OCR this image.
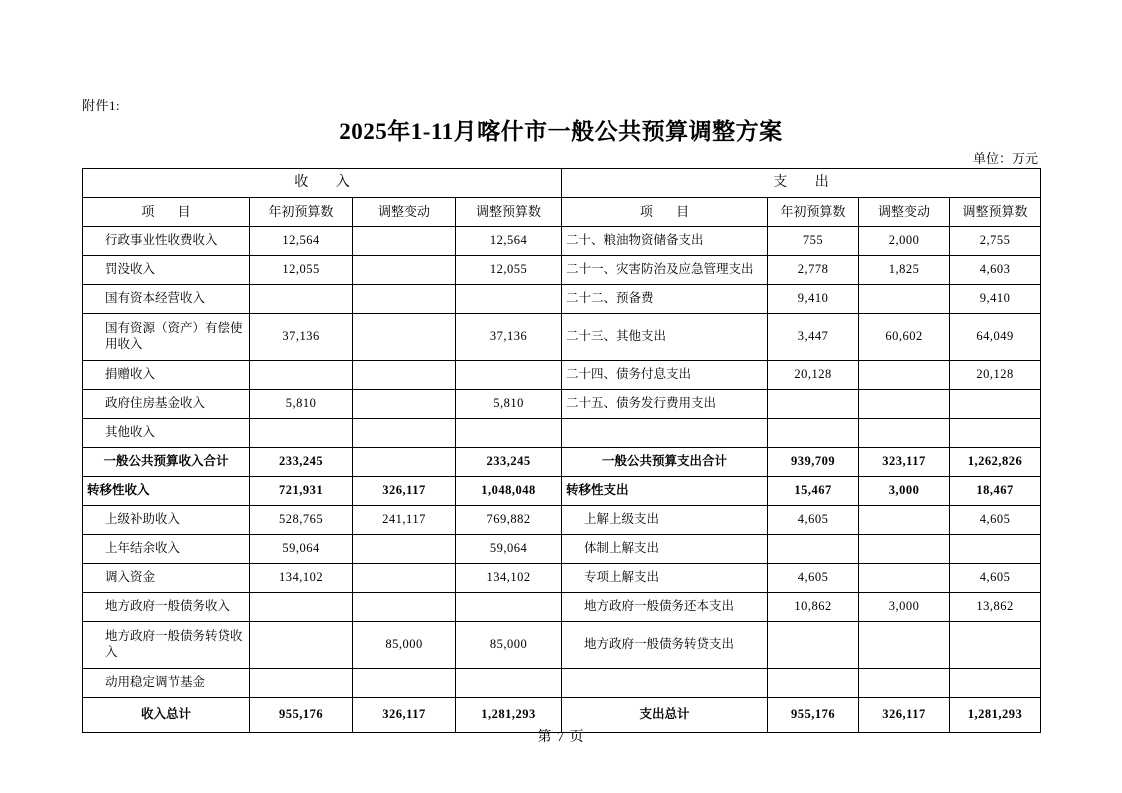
附件1:
2025年1-11月喀什市一般公共预算调整方案
单位：万元
收 入				支 出			
项 目	年初预算数	调整变动	调整预算数	项 目	年初预算数	调整变动	调整预算数
行政事业性收费收入	12,564		12,564	二十、粮油物资储备支出	755	2,000	2,755
罚没收入	12,055		12,055	二十一、灾害防治及应急管理支出	2,778	1,825	4,603
国有资本经营收入				二十二、预备费	9,410		9,410
国有资源（资产）有偿使用收入	37,136		37,136	二十三、其他支出	3,447	60,602	64,049
捐赠收入				二十四、债务付息支出	20,128		20,128
政府住房基金收入	5,810		5,810	二十五、债务发行费用支出			
其他收入							
一般公共预算收入合计	233,245		233,245	一般公共预算支出合计	939,709	323,117	1,262,826
转移性收入	721,931	326,117	1,048,048	转移性支出	15,467	3,000	18,467
上级补助收入	528,765	241,117	769,882	上解上级支出	4,605		4,605
上年结余收入	59,064		59,064	体制上解支出			
调入资金	134,102		134,102	专项上解支出	4,605		4,605
地方政府一般债务收入				地方政府一般债务还本支出	10,862	3,000	13,862
地方政府一般债务转贷收入		85,000	85,000	地方政府一般债务转贷支出			
动用稳定调节基金							
收入总计	955,176	326,117	1,281,293	支出总计	955,176	326,117	1,281,293
第 7 页
